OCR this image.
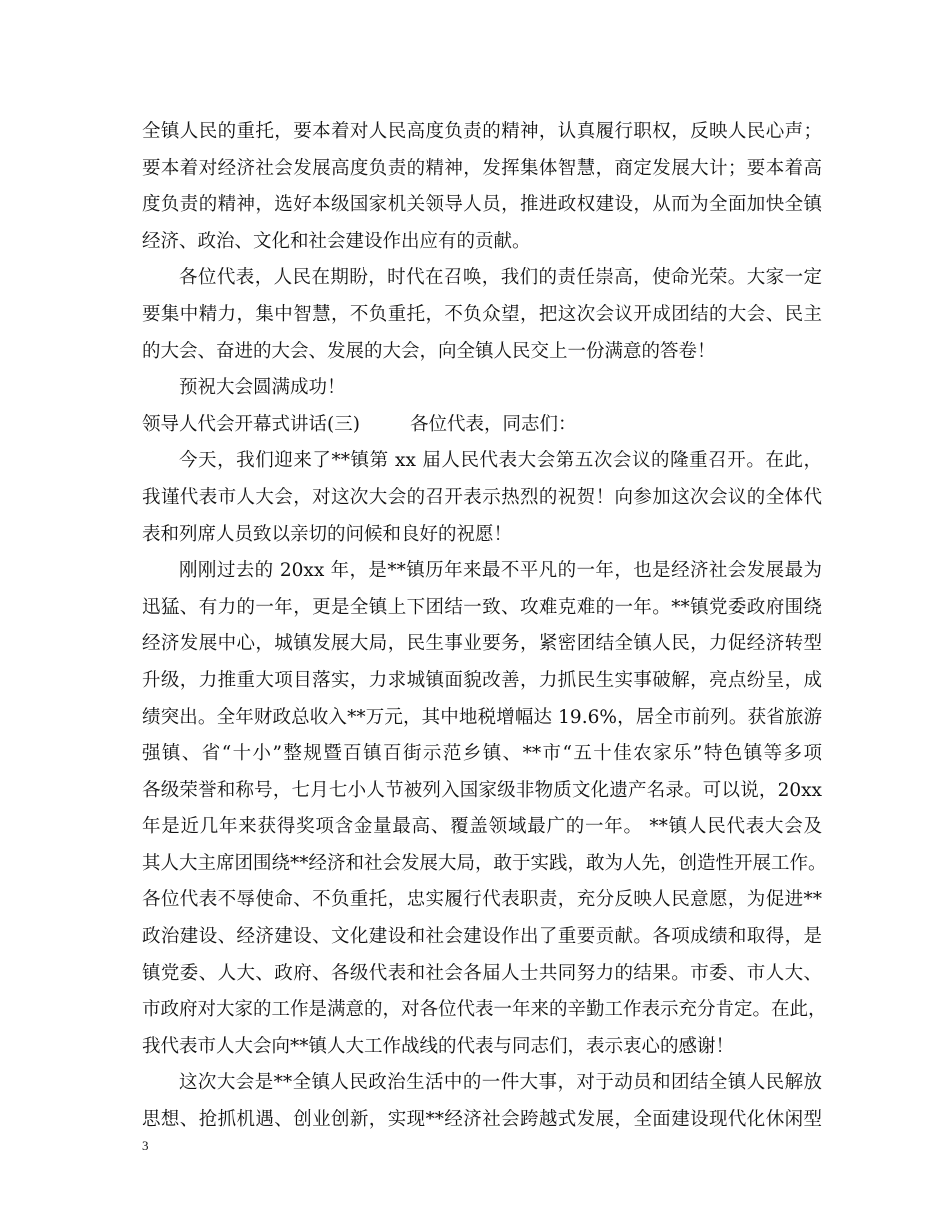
全镇人民的重托，要本着对人民高度负责的精神，认真履行职权，反映人民心声；
要本着对经济社会发展高度负责的精神，发挥集体智慧，商定发展大计；要本着高
度负责的精神，选好本级国家机关领导人员，推进政权建设，从而为全面加快全镇
经济、政治、文化和社会建设作出应有的贡献。
各位代表，人民在期盼，时代在召唤，我们的责任崇高，使命光荣。大家一定
要集中精力，集中智慧，不负重托，不负众望，把这次会议开成团结的大会、民主
的大会、奋进的大会、发展的大会，向全镇人民交上一份满意的答卷！
预祝大会圆满成功！
领导人代会开幕式讲话(三)	各位代表，同志们：
今天，我们迎来了**镇第 xx 届人民代表大会第五次会议的隆重召开。在此，
我谨代表市人大会，对这次大会的召开表示热烈的祝贺！向参加这次会议的全体代
表和列席人员致以亲切的问候和良好的祝愿！
刚刚过去的 20xx 年，是**镇历年来最不平凡的一年，也是经济社会发展最为
迅猛、有力的一年，更是全镇上下团结一致、攻难克难的一年。**镇党委政府围绕
经济发展中心，城镇发展大局，民生事业要务，紧密团结全镇人民，力促经济转型
升级，力推重大项目落实，力求城镇面貌改善，力抓民生实事破解，亮点纷呈，成
绩突出。全年财政总收入**万元，其中地税增幅达 19.6%，居全市前列。获省旅游
强镇、省“十小”整规暨百镇百街示范乡镇、**市“五十佳农家乐”特色镇等多项
各级荣誉和称号，七月七小人节被列入国家级非物质文化遗产名录。可以说，20xx
年是近几年来获得奖项含金量最高、覆盖领域最广的一年。 **镇人民代表大会及
其人大主席团围绕**经济和社会发展大局，敢于实践，敢为人先，创造性开展工作。
各位代表不辱使命、不负重托，忠实履行代表职责，充分反映人民意愿，为促进**
政治建设、经济建设、文化建设和社会建设作出了重要贡献。各项成绩和取得，是
镇党委、人大、政府、各级代表和社会各届人士共同努力的结果。市委、市人大、
市政府对大家的工作是满意的，对各位代表一年来的辛勤工作表示充分肯定。在此，
我代表市人大会向**镇人大工作战线的代表与同志们，表示衷心的感谢！
这次大会是**全镇人民政治生活中的一件大事，对于动员和团结全镇人民解放
思想、抢抓机遇、创业创新，实现**经济社会跨越式发展，全面建设现代化休闲型
3
